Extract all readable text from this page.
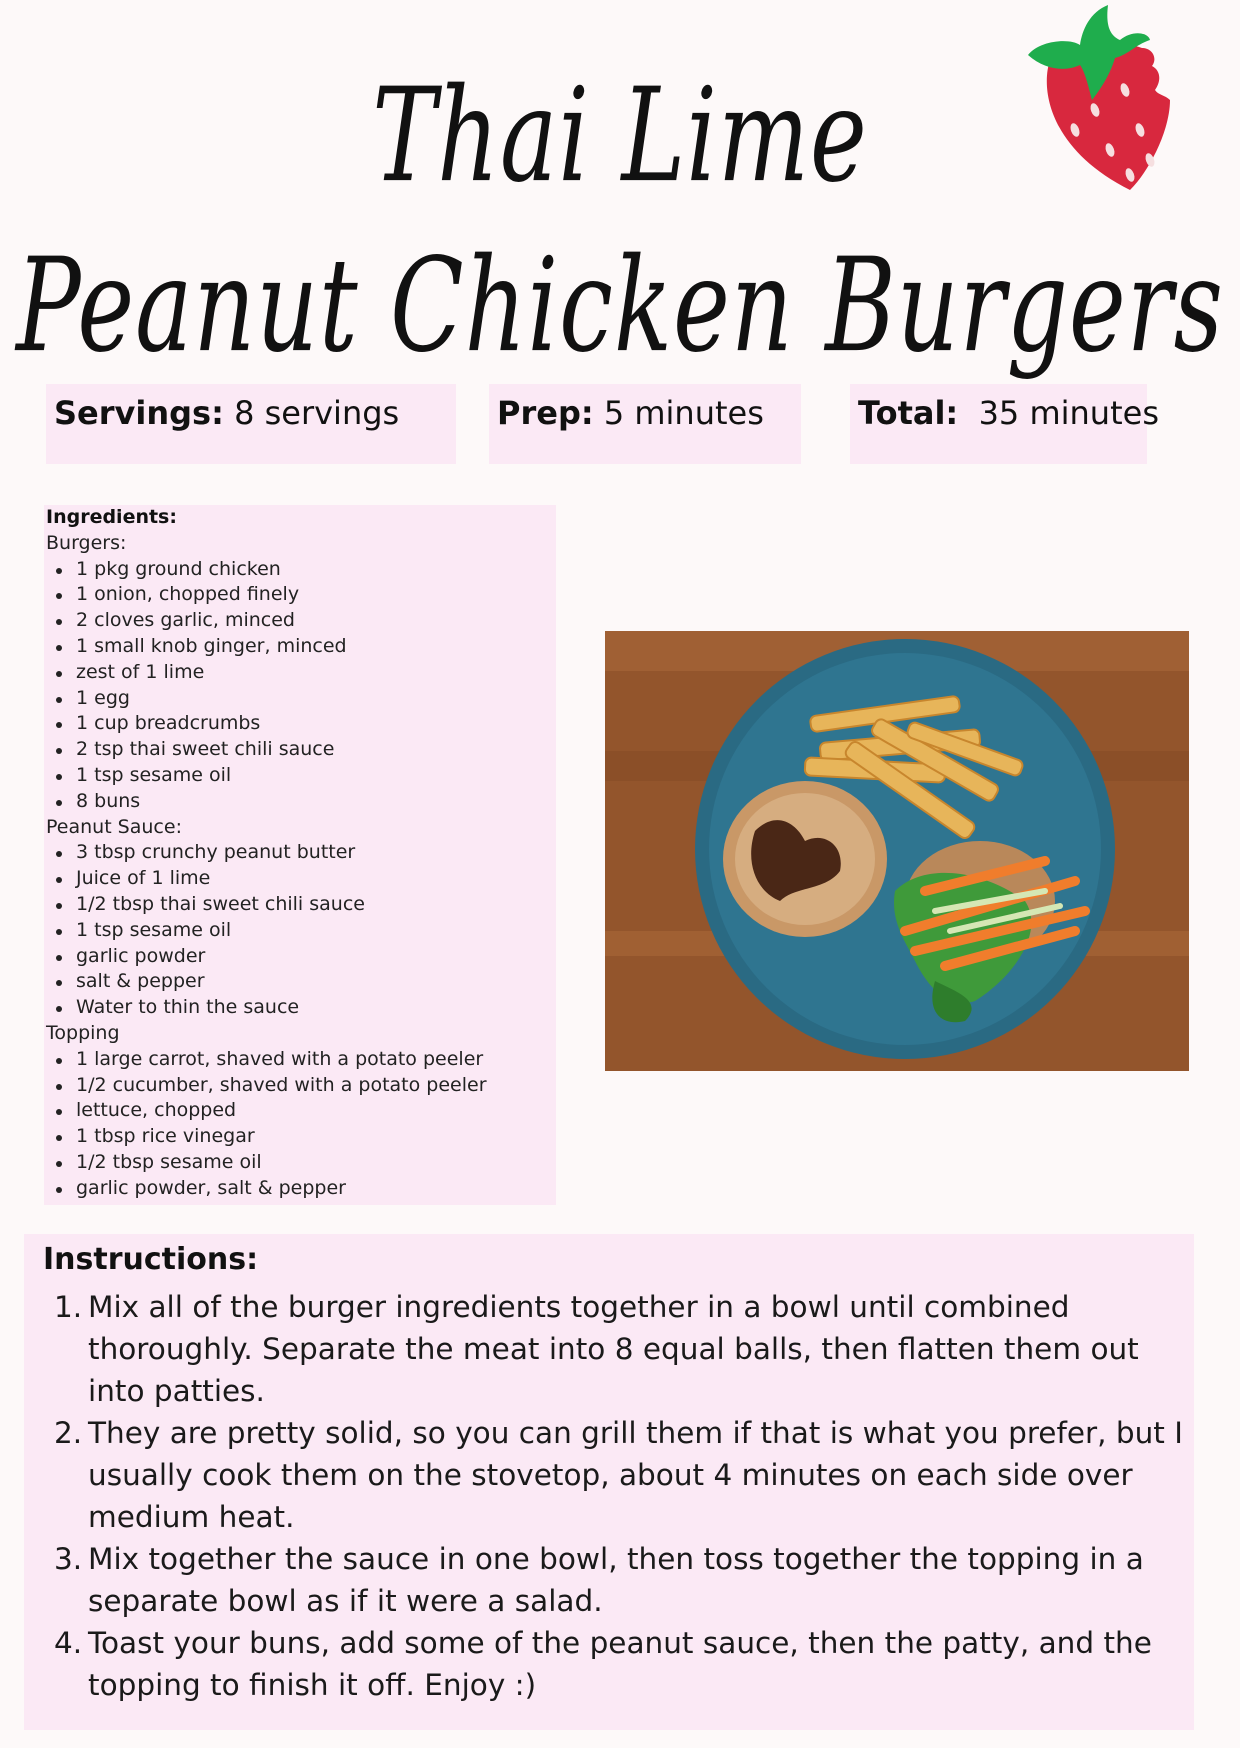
Thai Lime
Peanut Chicken Burgers
Servings: 8 servings	Prep: 5 minutes	Total: 35 minutes
Ingredients:
Burgers:
1 pkg ground chicken
1 onion, chopped finely
2 cloves garlic, minced
1 small knob ginger, minced
zest of 1 lime
1 egg
1 cup breadcrumbs
2 tsp thai sweet chili sauce
1 tsp sesame oil
8 buns
Peanut Sauce:
3 tbsp crunchy peanut butter
Juice of 1 lime
1/2 tbsp thai sweet chili sauce
1 tsp sesame oil
garlic powder
salt & pepper
Water to thin the sauce
Topping
1 large carrot, shaved with a potato peeler
1/2 cucumber, shaved with a potato peeler
lettuce, chopped
1 tbsp rice vinegar
1/2 tbsp sesame oil
garlic powder, salt & pepper
Instructions:
1. Mix all of the burger ingredients together in a bowl until combined thoroughly. Separate the meat into 8 equal balls, then flatten them out into patties.
2. They are pretty solid, so you can grill them if that is what you prefer, but I usually cook them on the stovetop, about 4 minutes on each side over medium heat.
3. Mix together the sauce in one bowl, then toss together the topping in a separate bowl as if it were a salad.
4. Toast your buns, add some of the peanut sauce, then the patty, and the topping to finish it off. Enjoy :)
